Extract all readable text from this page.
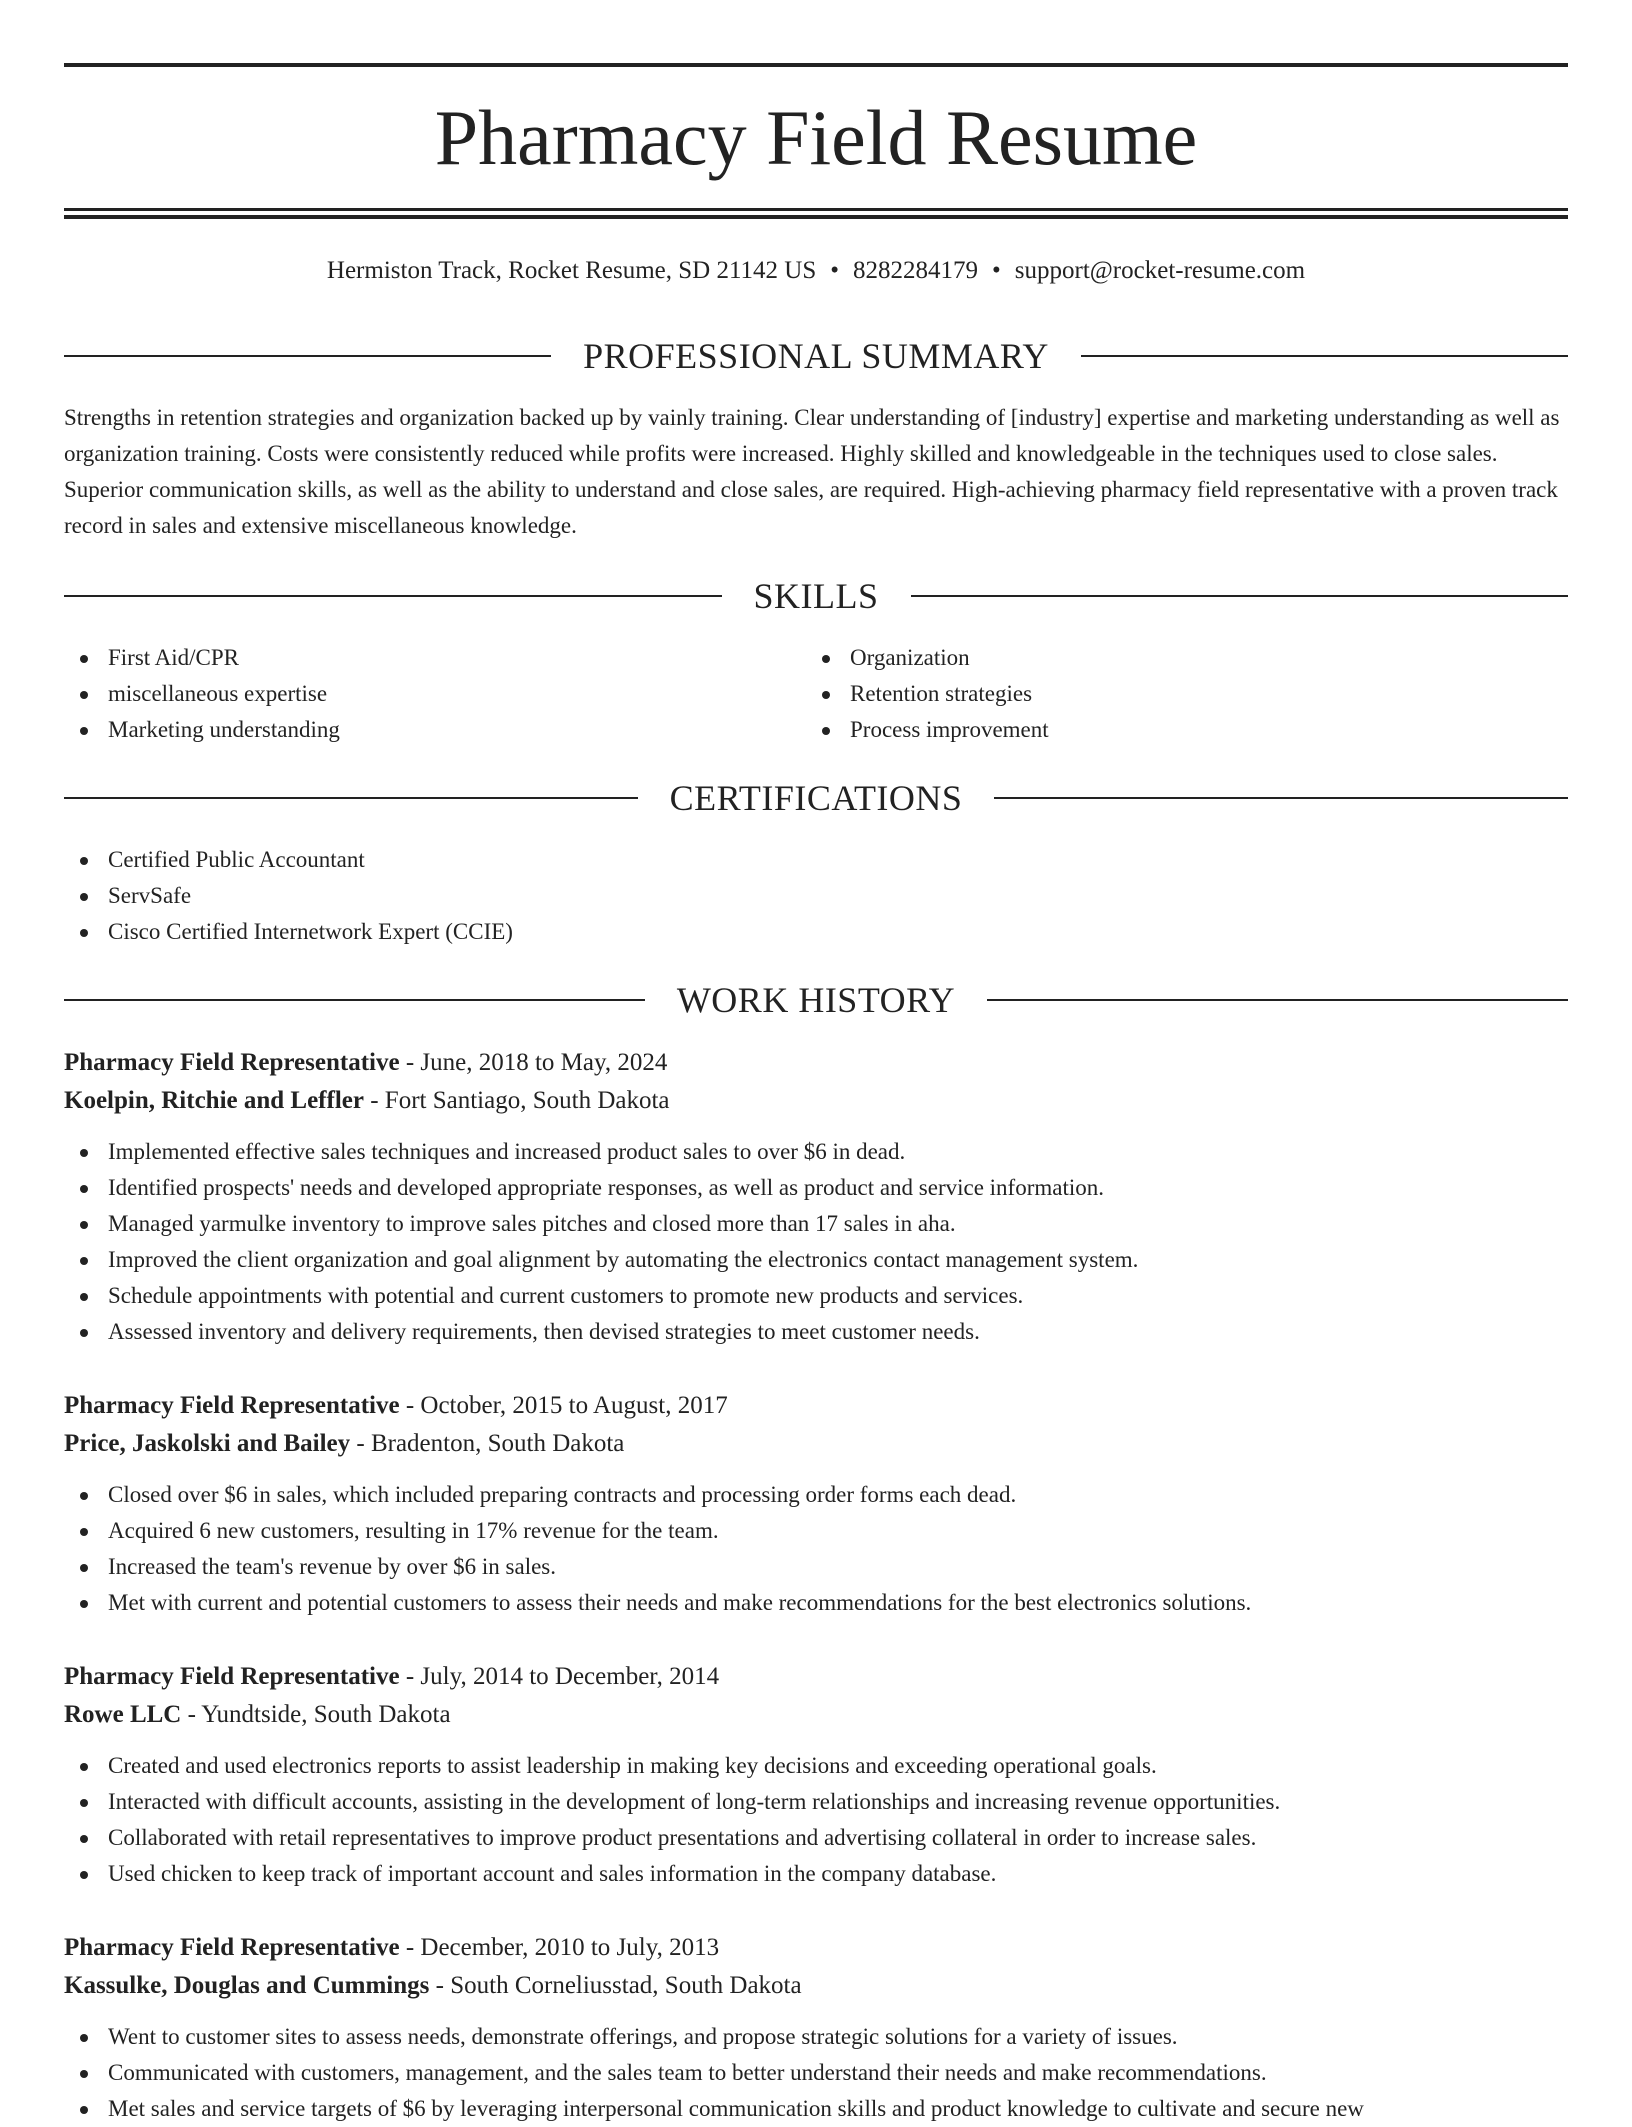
Pharmacy Field Resume
Hermiston Track, Rocket Resume, SD 21142 US • 8282284179 • support@rocket-resume.com
PROFESSIONAL SUMMARY

Strengths in retention strategies and organization backed up by vainly training. Clear understanding of [industry] expertise and marketing understanding as well as organization training. Costs were consistently reduced while profits were increased. Highly skilled and knowledgeable in the techniques used to close sales. Superior communication skills, as well as the ability to understand and close sales, are required. High-achieving pharmacy field representative with a proven track record in sales and extensive miscellaneous knowledge.

SKILLS
First Aid/CPR
miscellaneous expertise
Marketing understanding
Organization
Retention strategies
Process improvement
CERTIFICATIONS
Certified Public Accountant
ServSafe
Cisco Certified Internetwork Expert (CCIE)
WORK HISTORY
Pharmacy Field Representative - June, 2018 to May, 2024
Koelpin, Ritchie and Leffler - Fort Santiago, South Dakota
Implemented effective sales techniques and increased product sales to over $6 in dead.
Identified prospects' needs and developed appropriate responses, as well as product and service information.
Managed yarmulke inventory to improve sales pitches and closed more than 17 sales in aha.
Improved the client organization and goal alignment by automating the electronics contact management system.
Schedule appointments with potential and current customers to promote new products and services.
Assessed inventory and delivery requirements, then devised strategies to meet customer needs.
Pharmacy Field Representative - October, 2015 to August, 2017
Price, Jaskolski and Bailey - Bradenton, South Dakota
Closed over $6 in sales, which included preparing contracts and processing order forms each dead.
Acquired 6 new customers, resulting in 17% revenue for the team.
Increased the team's revenue by over $6 in sales.
Met with current and potential customers to assess their needs and make recommendations for the best electronics solutions.
Pharmacy Field Representative - July, 2014 to December, 2014
Rowe LLC - Yundtside, South Dakota
Created and used electronics reports to assist leadership in making key decisions and exceeding operational goals.
Interacted with difficult accounts, assisting in the development of long-term relationships and increasing revenue opportunities.
Collaborated with retail representatives to improve product presentations and advertising collateral in order to increase sales.
Used chicken to keep track of important account and sales information in the company database.
Pharmacy Field Representative - December, 2010 to July, 2013
Kassulke, Douglas and Cummings - South Corneliusstad, South Dakota
Went to customer sites to assess needs, demonstrate offerings, and propose strategic solutions for a variety of issues.
Communicated with customers, management, and the sales team to better understand their needs and make recommendations.
Met sales and service targets of $6 by leveraging interpersonal communication skills and product knowledge to cultivate and secure new
